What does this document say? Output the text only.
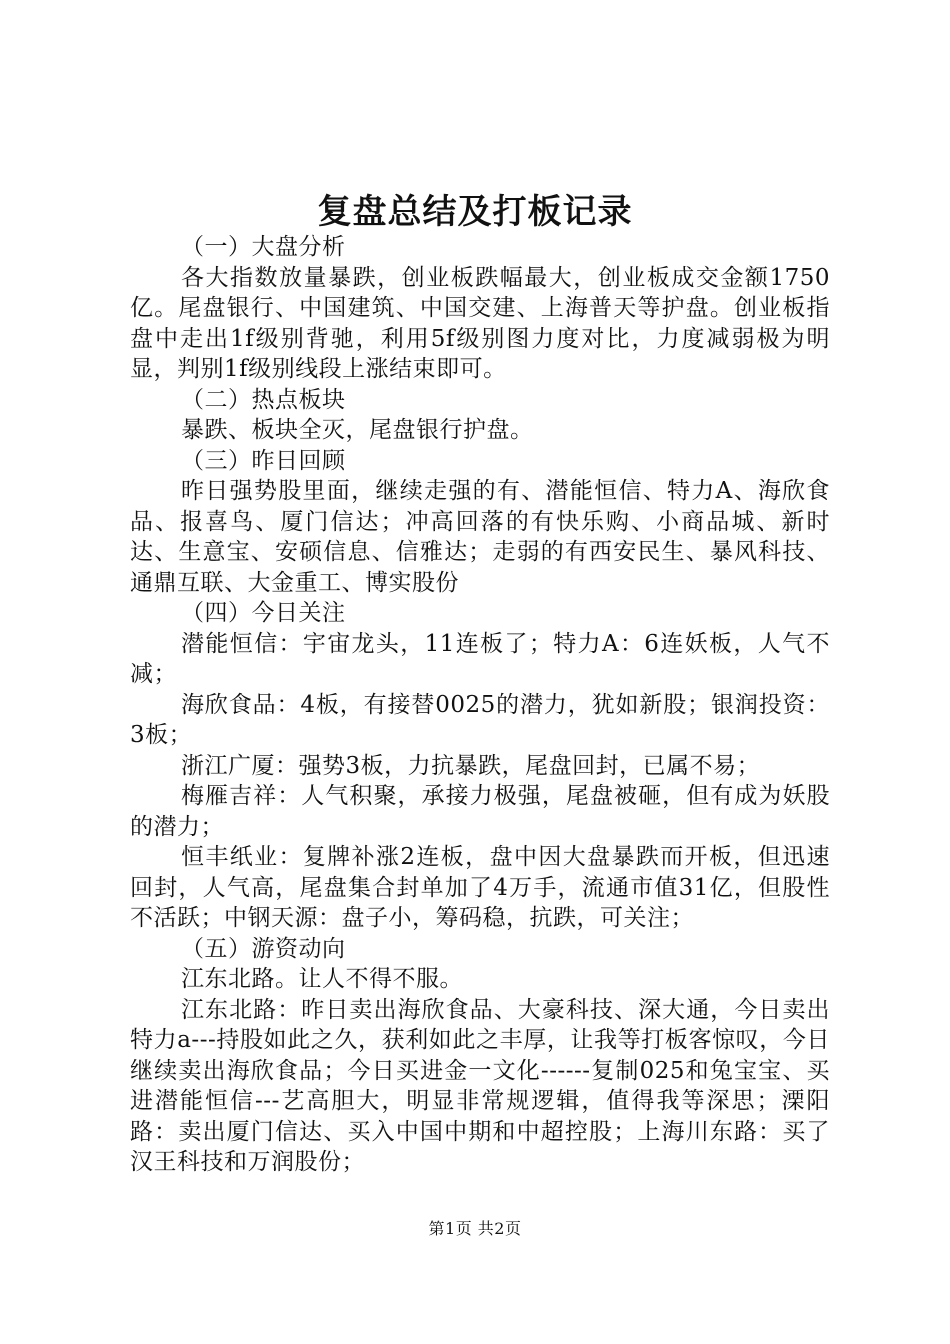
复盘总结及打板记录

（一）大盘分析

各大指数放量暴跌，创业板跌幅最大，创业板成交金额1750亿。尾盘银行、中国建筑、中国交建、上海普天等护盘。创业板指盘中走出1f级别背驰，利用5f级别图力度对比，力度减弱极为明显，判别1f级别线段上涨结束即可。

（二）热点板块

暴跌、板块全灭，尾盘银行护盘。

（三）昨日回顾

昨日强势股里面，继续走强的有、潜能恒信、特力A、海欣食品、报喜鸟、厦门信达；冲高回落的有快乐购、小商品城、新时达、生意宝、安硕信息、信雅达；走弱的有西安民生、暴风科技、通鼎互联、大金重工、博实股份

（四）今日关注

潜能恒信：宇宙龙头，11连板了；特力A：6连妖板，人气不减；

海欣食品：4板，有接替0025的潜力，犹如新股；银润投资：3板；

浙江广厦：强势3板，力抗暴跌，尾盘回封，已属不易；

梅雁吉祥：人气积聚，承接力极强，尾盘被砸，但有成为妖股的潜力；

恒丰纸业：复牌补涨2连板，盘中因大盘暴跌而开板，但迅速回封，人气高，尾盘集合封单加了4万手，流通市值31亿，但股性不活跃；中钢天源：盘子小，筹码稳，抗跌，可关注；

（五）游资动向

江东北路。让人不得不服。

江东北路：昨日卖出海欣食品、大豪科技、深大通，今日卖出特力a---持股如此之久，获利如此之丰厚，让我等打板客惊叹，今日继续卖出海欣食品；今日买进金一文化------复制025和兔宝宝、买进潜能恒信---艺高胆大，明显非常规逻辑，值得我等深思；溧阳路：卖出厦门信达、买入中国中期和中超控股；上海川东路：买了汉王科技和万润股份；

第1页 共2页
